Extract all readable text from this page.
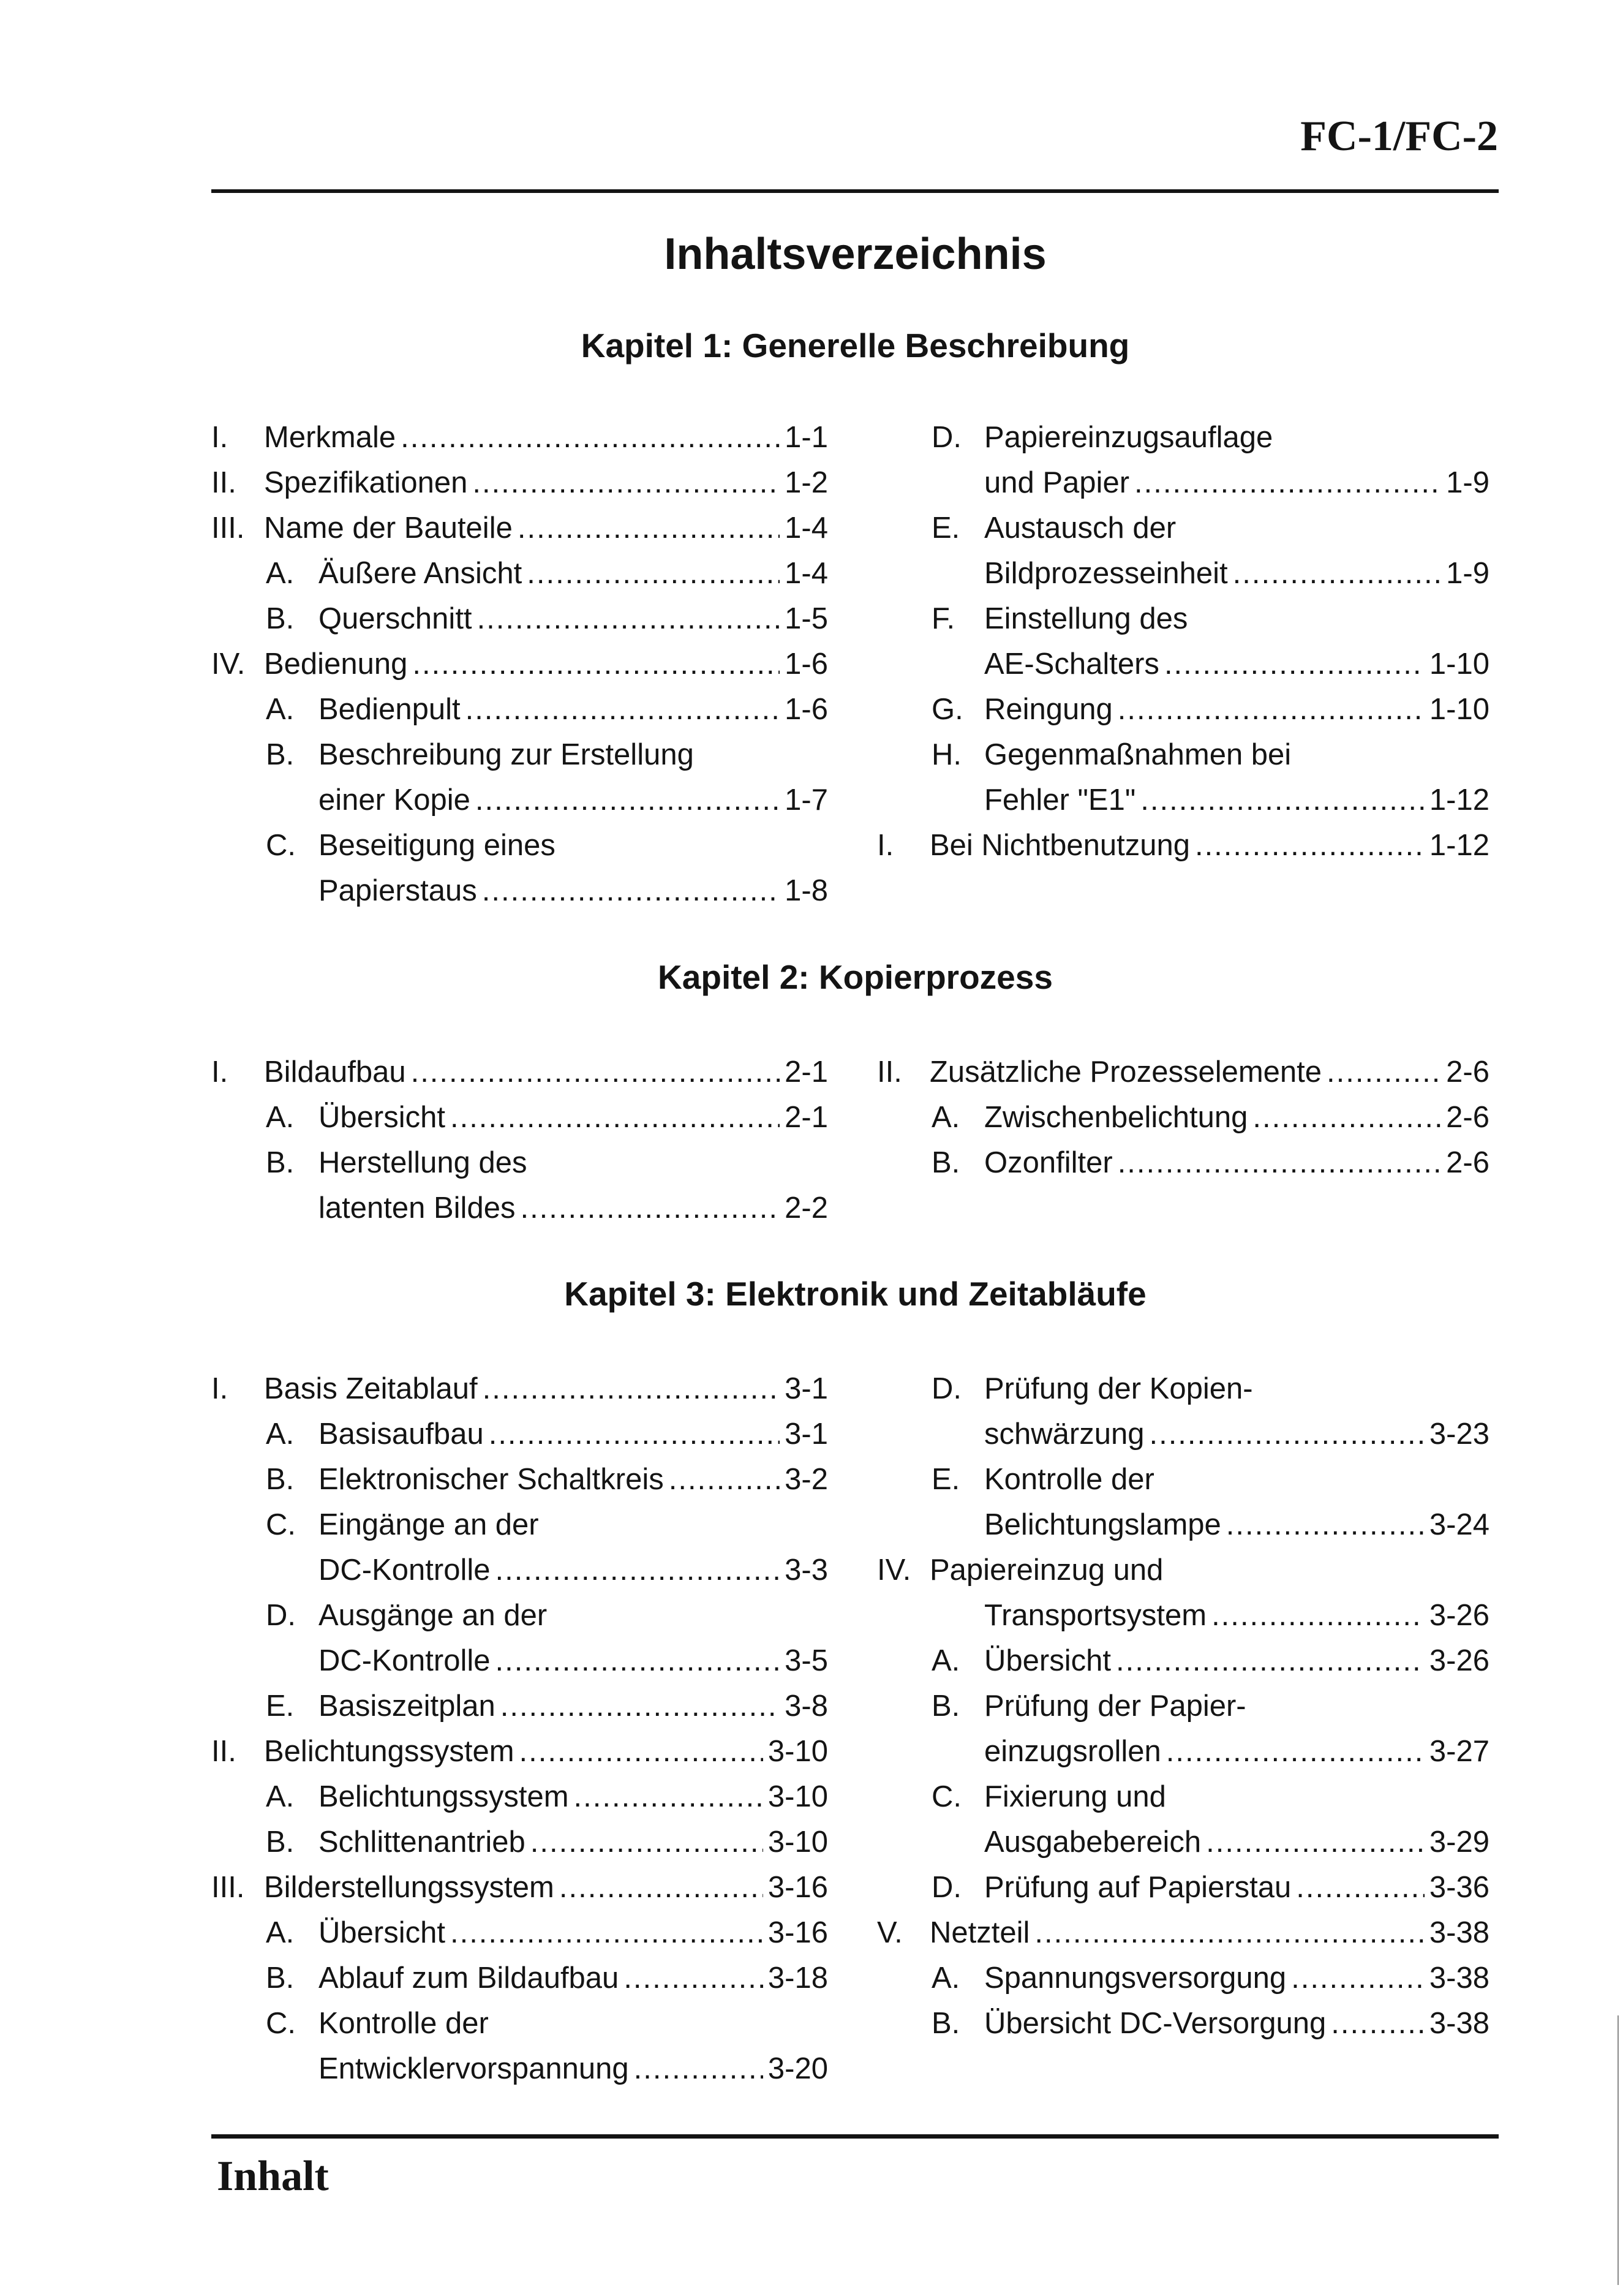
FC-1/FC-2
Inhaltsverzeichnis
Kapitel 1: Generelle Beschreibung
I.	Merkmale .....	1-1
II. Spezifikationen .....	1-2
III. Name der Bauteile .....	1-4
A. Äußere Ansicht .....	1-4
B. Querschnitt .....	1-5
IV. Bedienung .....	1-6
A. Bedienpult .....	1-6
B. Beschreibung zur Erstellung
einer Kopie .....	1-7
C. Beseitigung eines
Papierstaus .....	1-8
D. Papiereinzugsauflage
und Papier .....	1-9
E. Austausch der
Bildprozesseinheit .....	1-9
F. Einstellung des
AE-Schalters .....	1-10
G. Reingung .....	1-10
H. Gegenmaßnahmen bei
Fehler "E1" .....	1-12
I.	Bei Nichtbenutzung .....	1-12
Kapitel 2: Kopierprozess
I.	Bildaufbau .....	2-1
A. Übersicht .....	2-1
B. Herstellung des
latenten Bildes .....	2-2
II. Zusätzliche Prozesselemente .....	2-6
A. Zwischenbelichtung .....	2-6
B. Ozonfilter .....	2-6
Kapitel 3: Elektronik und Zeitabläufe
I.	Basis Zeitablauf .....	3-1
A. Basisaufbau .....	3-1
B. Elektronischer Schaltkreis .....	3-2
C. Eingänge an der
DC-Kontrolle .....	3-3
D. Ausgänge an der
DC-Kontrolle .....	3-5
E. Basiszeitplan .....	3-8
II. Belichtungssystem .....	3-10
A. Belichtungssystem .....	3-10
B. Schlittenantrieb .....	3-10
III. Bilderstellungssystem .....	3-16
A. Übersicht .....	3-16
B. Ablauf zum Bildaufbau .....	3-18
C. Kontrolle der
Entwicklervorspannung .....	3-20
D. Prüfung der Kopien-
schwärzung .....	3-23
E. Kontrolle der
Belichtungslampe .....	3-24
IV. Papiereinzug und
Transportsystem .....	3-26
A. Übersicht .....	3-26
B. Prüfung der Papier-
einzugsrollen .....	3-27
C. Fixierung und
Ausgabebereich .....	3-29
D. Prüfung auf Papierstau .....	3-36
V. Netzteil .....	3-38
A. Spannungsversorgung .....	3-38
B. Übersicht DC-Versorgung .....	3-38
Inhalt
